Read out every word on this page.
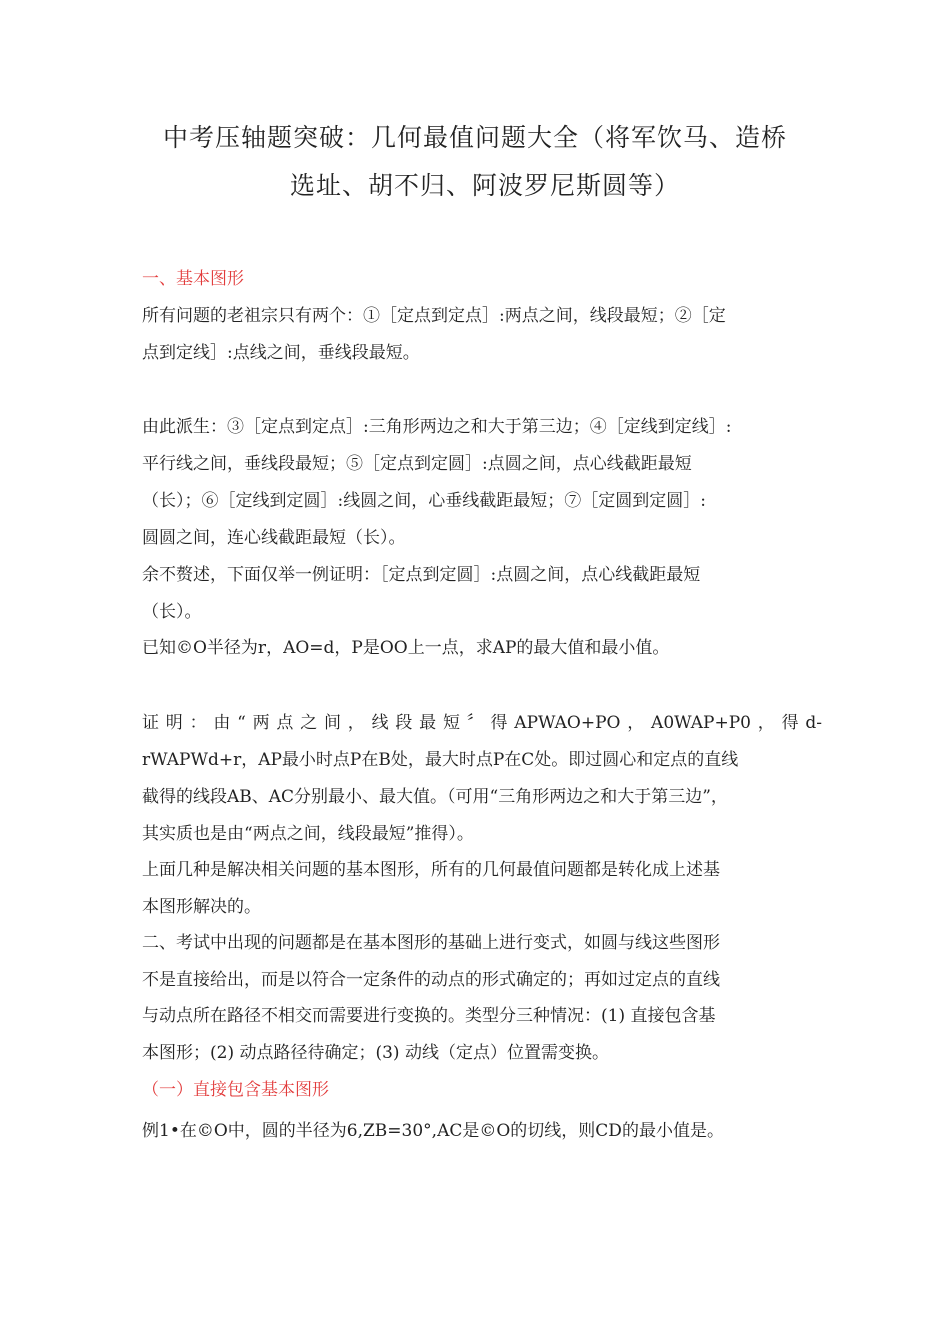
中考压轴题突破：几何最值问题大全（将军饮马、造桥
选址、胡不归、阿波罗尼斯圆等）
一、基本图形
所有问题的老祖宗只有两个：①［定点到定点］:两点之间，线段最短；②［定
点到定线］:点线之间，垂线段最短。
由此派生：③［定点到定点］:三角形两边之和大于第三边；④［定线到定线］:
平行线之间，垂线段最短；⑤［定点到定圆］:点圆之间，点心线截距最短
（长）；⑥［定线到定圆］:线圆之间，心垂线截距最短；⑦［定圆到定圆］:
圆圆之间，连心线截距最短（长）。
余不赘述，下面仅举一例证明：［定点到定圆］:点圆之间，点心线截距最短
（长）。
已知©O半径为r，AO=d，P是OO上一点，求AP的最大值和最小值。
证明：由“两点之间，线段最短〞得APWAO+PO，A0WAP+P0，得d-
rWAPWd+r，AP最小时点P在B处，最大时点P在C处。即过圆心和定点的直线
截得的线段AB、AC分别最小、最大值。（可用“三角形两边之和大于第三边”，
其实质也是由“两点之间，线段最短”推得）。
上面几种是解决相关问题的基本图形，所有的几何最值问题都是转化成上述基
本图形解决的。
二、考试中出现的问题都是在基本图形的基础上进行变式，如圆与线这些图形
不是直接给出，而是以符合一定条件的动点的形式确定的；再如过定点的直线
与动点所在路径不相交而需要进行变换的。类型分三种情况：(1) 直接包含基
本图形；(2) 动点路径待确定；(3) 动线（定点）位置需变换。
（一）直接包含基本图形
例1•在©O中，圆的半径为6,ZB=30°,AC是©O的切线，则CD的最小值是。
